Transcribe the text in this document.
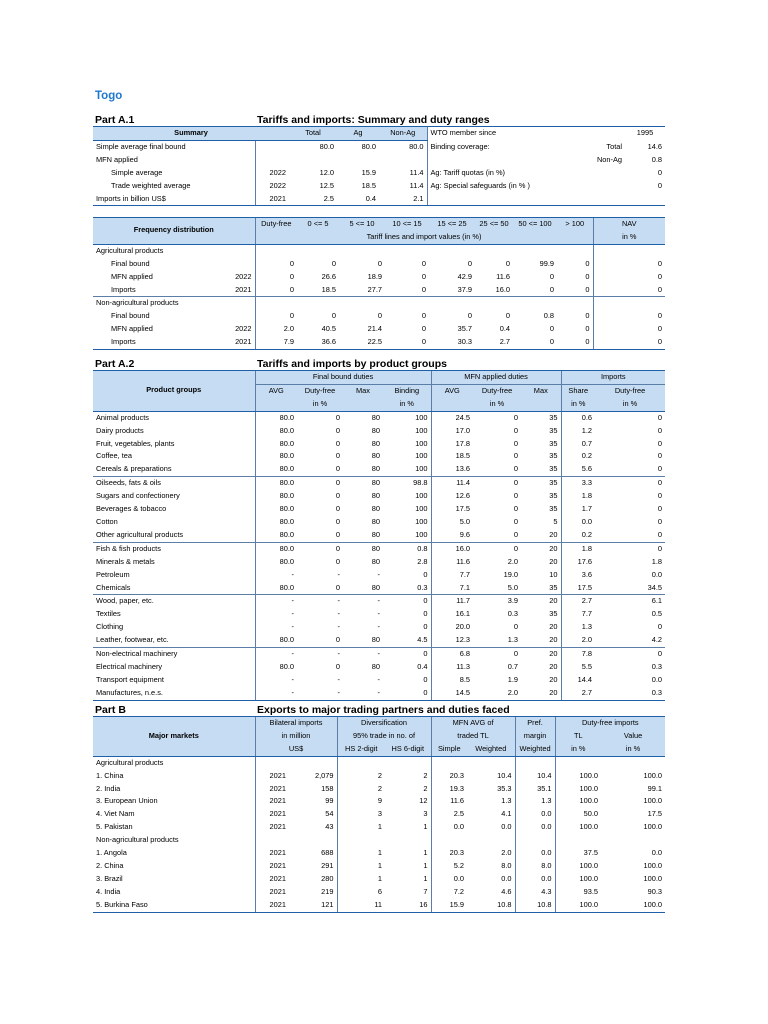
Togo
Part A.1	Tariffs and imports: Summary and duty ranges
Summary		Total	Ag	Non-Ag	WTO member since		1995
Simple average final bound		80.0	80.0	80.0	Binding coverage:	Total	14.6
MFN applied						Non-Ag	0.8
Simple average	2022	12.0	15.9	11.4	Ag: Tariff quotas (in %)		0
Trade weighted average	2022	12.5	18.5	11.4	Ag: Special safeguards (in % )		0
Imports in billion US$	2021	2.5	0.4	2.1			
Frequency distribution		Duty-free	0 <= 5	5 <= 10	10 <= 15	15 <= 25	25 <= 50	50 <= 100	> 100	NAV
		Tariff lines and import values (in %)								in %
Agricultural products										
Final bound		0	0	0	0	0	0	99.9	0	0
MFN applied	2022	0	26.6	18.9	0	42.9	11.6	0	0	0
Imports	2021	0	18.5	27.7	0	37.9	16.0	0	0	0
Non-agricultural products										
Final bound		0	0	0	0	0	0	0.8	0	0
MFN applied	2022	2.0	40.5	21.4	0	35.7	0.4	0	0	0
Imports	2021	7.9	36.6	22.5	0	30.3	2.7	0	0	0
Part A.2	Tariffs and imports by product groups
Product groups	Final bound duties				MFN applied duties			Imports	
	AVG	Duty-free	Max	Binding	AVG	Duty-free	Max	Share	Duty-free
		in %		in %		in %		in %	in %
Animal products	80.0	0	80	100	24.5	0	35	0.6	0
Dairy products	80.0	0	80	100	17.0	0	35	1.2	0
Fruit, vegetables, plants	80.0	0	80	100	17.8	0	35	0.7	0
Coffee, tea	80.0	0	80	100	18.5	0	35	0.2	0
Cereals & preparations	80.0	0	80	100	13.6	0	35	5.6	0
Oilseeds, fats & oils	80.0	0	80	98.8	11.4	0	35	3.3	0
Sugars and confectionery	80.0	0	80	100	12.6	0	35	1.8	0
Beverages & tobacco	80.0	0	80	100	17.5	0	35	1.7	0
Cotton	80.0	0	80	100	5.0	0	5	0.0	0
Other agricultural products	80.0	0	80	100	9.6	0	20	0.2	0
Fish & fish products	80.0	0	80	0.8	16.0	0	20	1.8	0
Minerals & metals	80.0	0	80	2.8	11.6	2.0	20	17.6	1.8
Petroleum	-	-	-	0	7.7	19.0	10	3.6	0.0
Chemicals	80.0	0	80	0.3	7.1	5.0	35	17.5	34.5
Wood, paper, etc.	-	-	-	0	11.7	3.9	20	2.7	6.1
Textiles	-	-	-	0	16.1	0.3	35	7.7	0.5
Clothing	-	-	-	0	20.0	0	20	1.3	0
Leather, footwear, etc.	80.0	0	80	4.5	12.3	1.3	20	2.0	4.2
Non-electrical machinery	-	-	-	0	6.8	0	20	7.8	0
Electrical machinery	80.0	0	80	0.4	11.3	0.7	20	5.5	0.3
Transport equipment	-	-	-	0	8.5	1.9	20	14.4	0.0
Manufactures, n.e.s.	-	-	-	0	14.5	2.0	20	2.7	0.3
Part B	Exports to major trading partners and duties faced
Major markets	Bilateral imports		Diversification		MFN AVG of		Pref.	Duty-free imports	
	in million		95% trade in no. of		traded TL		margin	TL	Value
	US$		HS 2-digit	HS 6-digit	Simple	Weighted	Weighted	in %	in %
Agricultural products									
1. China	2021	2,079	2	2	20.3	10.4	10.4	100.0	100.0
2. India	2021	158	2	2	19.3	35.3	35.1	100.0	99.1
3. European Union	2021	99	9	12	11.6	1.3	1.3	100.0	100.0
4. Viet Nam	2021	54	3	3	2.5	4.1	0.0	50.0	17.5
5. Pakistan	2021	43	1	1	0.0	0.0	0.0	100.0	100.0
Non-agricultural products									
1. Angola	2021	688	1	1	20.3	2.0	0.0	37.5	0.0
2. China	2021	291	1	1	5.2	8.0	8.0	100.0	100.0
3. Brazil	2021	280	1	1	0.0	0.0	0.0	100.0	100.0
4. India	2021	219	6	7	7.2	4.6	4.3	93.5	90.3
5. Burkina Faso	2021	121	11	16	15.9	10.8	10.8	100.0	100.0
